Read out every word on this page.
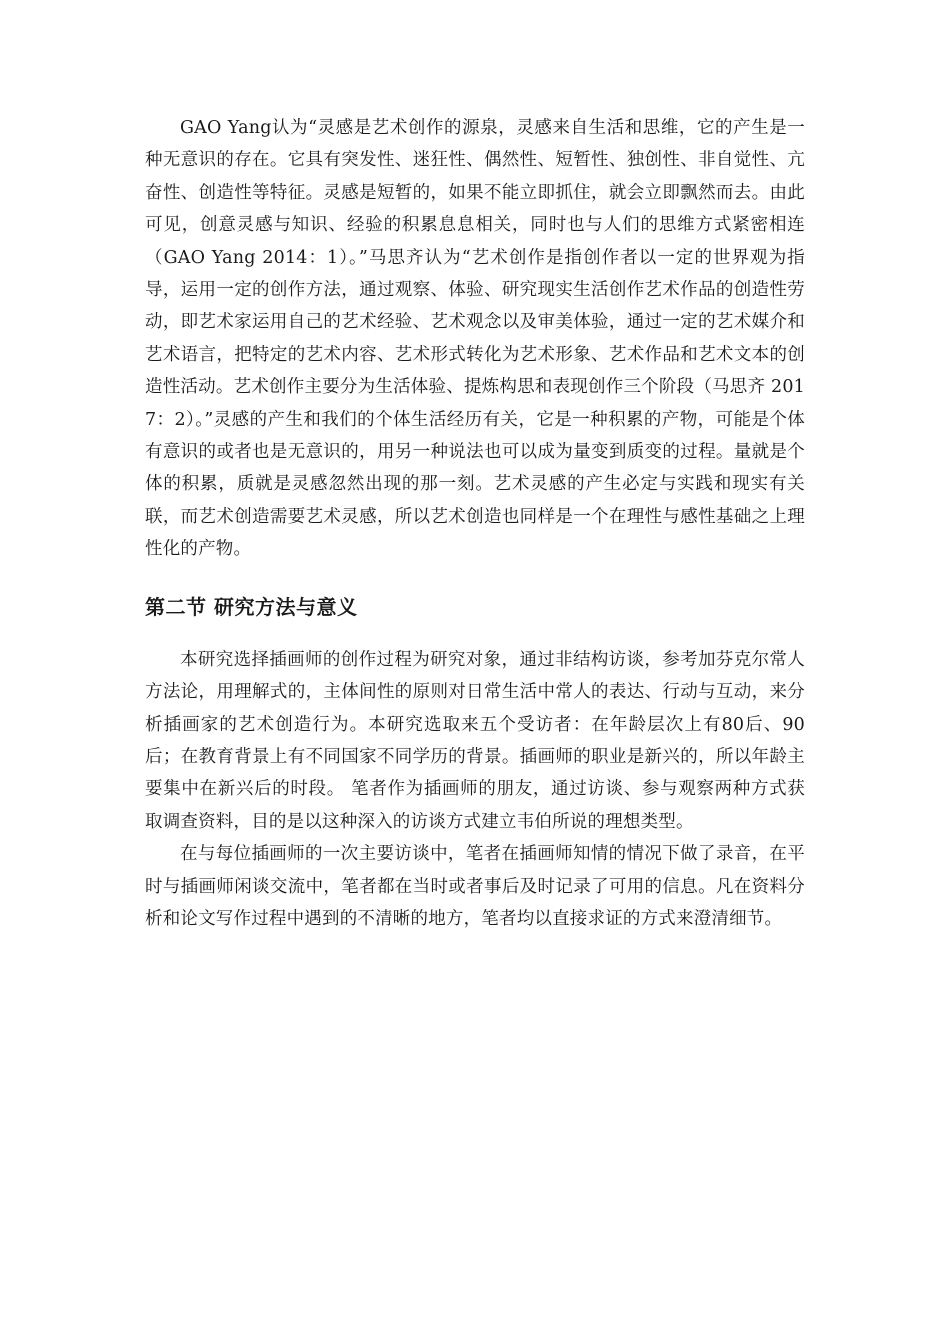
GAO Yang认为“灵感是艺术创作的源泉，灵感来自生活和思维，它的产生是一种无意识的存在。它具有突发性、迷狂性、偶然性、短暂性、独创性、非自觉性、亢奋性、创造性等特征。灵感是短暂的，如果不能立即抓住，就会立即飘然而去。由此可见，创意灵感与知识、经验的积累息息相关，同时也与人们的思维方式紧密相连（GAO Yang 2014：1）。”马思齐认为“艺术创作是指创作者以一定的世界观为指导，运用一定的创作方法，通过观察、体验、研究现实生活创作艺术作品的创造性劳动，即艺术家运用自己的艺术经验、艺术观念以及审美体验，通过一定的艺术媒介和艺术语言，把特定的艺术内容、艺术形式转化为艺术形象、艺术作品和艺术文本的创造性活动。艺术创作主要分为生活体验、提炼构思和表现创作三个阶段（马思齐 2017：2）。”灵感的产生和我们的个体生活经历有关，它是一种积累的产物，可能是个体有意识的或者也是无意识的，用另一种说法也可以成为量变到质变的过程。量就是个体的积累，质就是灵感忽然出现的那一刻。艺术灵感的产生必定与实践和现实有关联，而艺术创造需要艺术灵感，所以艺术创造也同样是一个在理性与感性基础之上理性化的产物。

第二节 研究方法与意义

本研究选择插画师的创作过程为研究对象，通过非结构访谈，参考加芬克尔常人方法论，用理解式的，主体间性的原则对日常生活中常人的表达、行动与互动，来分析插画家的艺术创造行为。本研究选取来五个受访者：在年龄层次上有80后、90后；在教育背景上有不同国家不同学历的背景。插画师的职业是新兴的，所以年龄主要集中在新兴后的时段。 笔者作为插画师的朋友，通过访谈、参与观察两种方式获取调查资料，目的是以这种深入的访谈方式建立韦伯所说的理想类型。

在与每位插画师的一次主要访谈中，笔者在插画师知情的情况下做了录音，在平时与插画师闲谈交流中，笔者都在当时或者事后及时记录了可用的信息。凡在资料分析和论文写作过程中遇到的不清晰的地方，笔者均以直接求证的方式来澄清细节。
